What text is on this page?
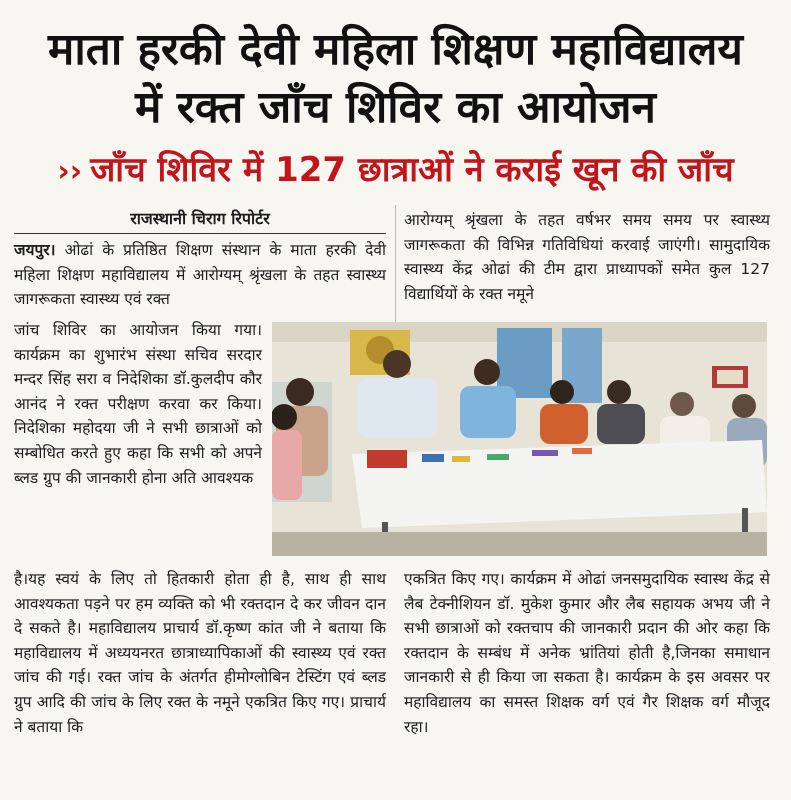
माता हरकी देवी महिला शिक्षण महाविद्यालय
में रक्त जाँच शिविर का आयोजन
›› जाँच शिविर में 127 छात्राओं ने कराई खून की जाँच
राजस्थानी चिराग रिपोर्टर
जयपुर। ओढां के प्रतिष्ठित शिक्षण संस्थान के माता हरकी देवी महिला शिक्षण महाविद्यालय में आरोग्यम् श्रृंखला के तहत स्वास्थ्य जागरूकता स्वास्थ्य एवं रक्त
जांच शिविर का आयोजन किया गया। कार्यक्रम का शुभारंभ संस्था सचिव सरदार मन्दर सिंह सरा व निदेशिका डॉ.कुलदीप कौर आनंद ने रक्त परीक्षण करवा कर किया। निदेशिका महोदया जी ने सभी छात्राओं को सम्बोधित करते हुए कहा कि सभी को अपने ब्लड ग्रुप की जानकारी होना अति आवश्यक
है।यह स्वयं के लिए तो हितकारी होता ही है, साथ ही साथ आवश्यकता पड़ने पर हम व्यक्ति को भी रक्तदान दे कर जीवन दान दे सकते है। महाविद्यालय प्राचार्य डॉ.कृष्ण कांत जी ने बताया कि महाविद्यालय में अध्ययनरत छात्राध्यापिकाओं की स्वास्थ्य एवं रक्त जांच की गई। रक्त जांच के अंतर्गत हीमोग्लोबिन टेस्टिंग एवं ब्लड ग्रुप आदि की जांच के लिए रक्त के नमूने एकत्रित किए गए। प्राचार्य ने बताया कि
आरोग्यम् श्रृंखला के तहत वर्षभर समय समय पर स्वास्थ्य जागरूकता की विभिन्न गतिविधियां करवाई जाएंगी। सामुदायिक स्वास्थ्य केंद्र ओढां की टीम द्वारा प्राध्यापकों समेत कुल 127 विद्यार्थियों के रक्त नमूने
एकत्रित किए गए। कार्यक्रम में ओढां जनसमुदायिक स्वास्थ केंद्र से लैब टेक्नीशियन डॉ. मुकेश कुमार और लैब सहायक अभय जी ने सभी छात्राओं को रक्तचाप की जानकारी प्रदान की ओर कहा कि रक्तदान के सम्बंध में अनेक भ्रांतियां होती है,जिनका समाधान जानकारी से ही किया जा सकता है। कार्यक्रम के इस अवसर पर महाविद्यालय का समस्त शिक्षक वर्ग एवं गैर शिक्षक वर्ग मौजूद रहा।
